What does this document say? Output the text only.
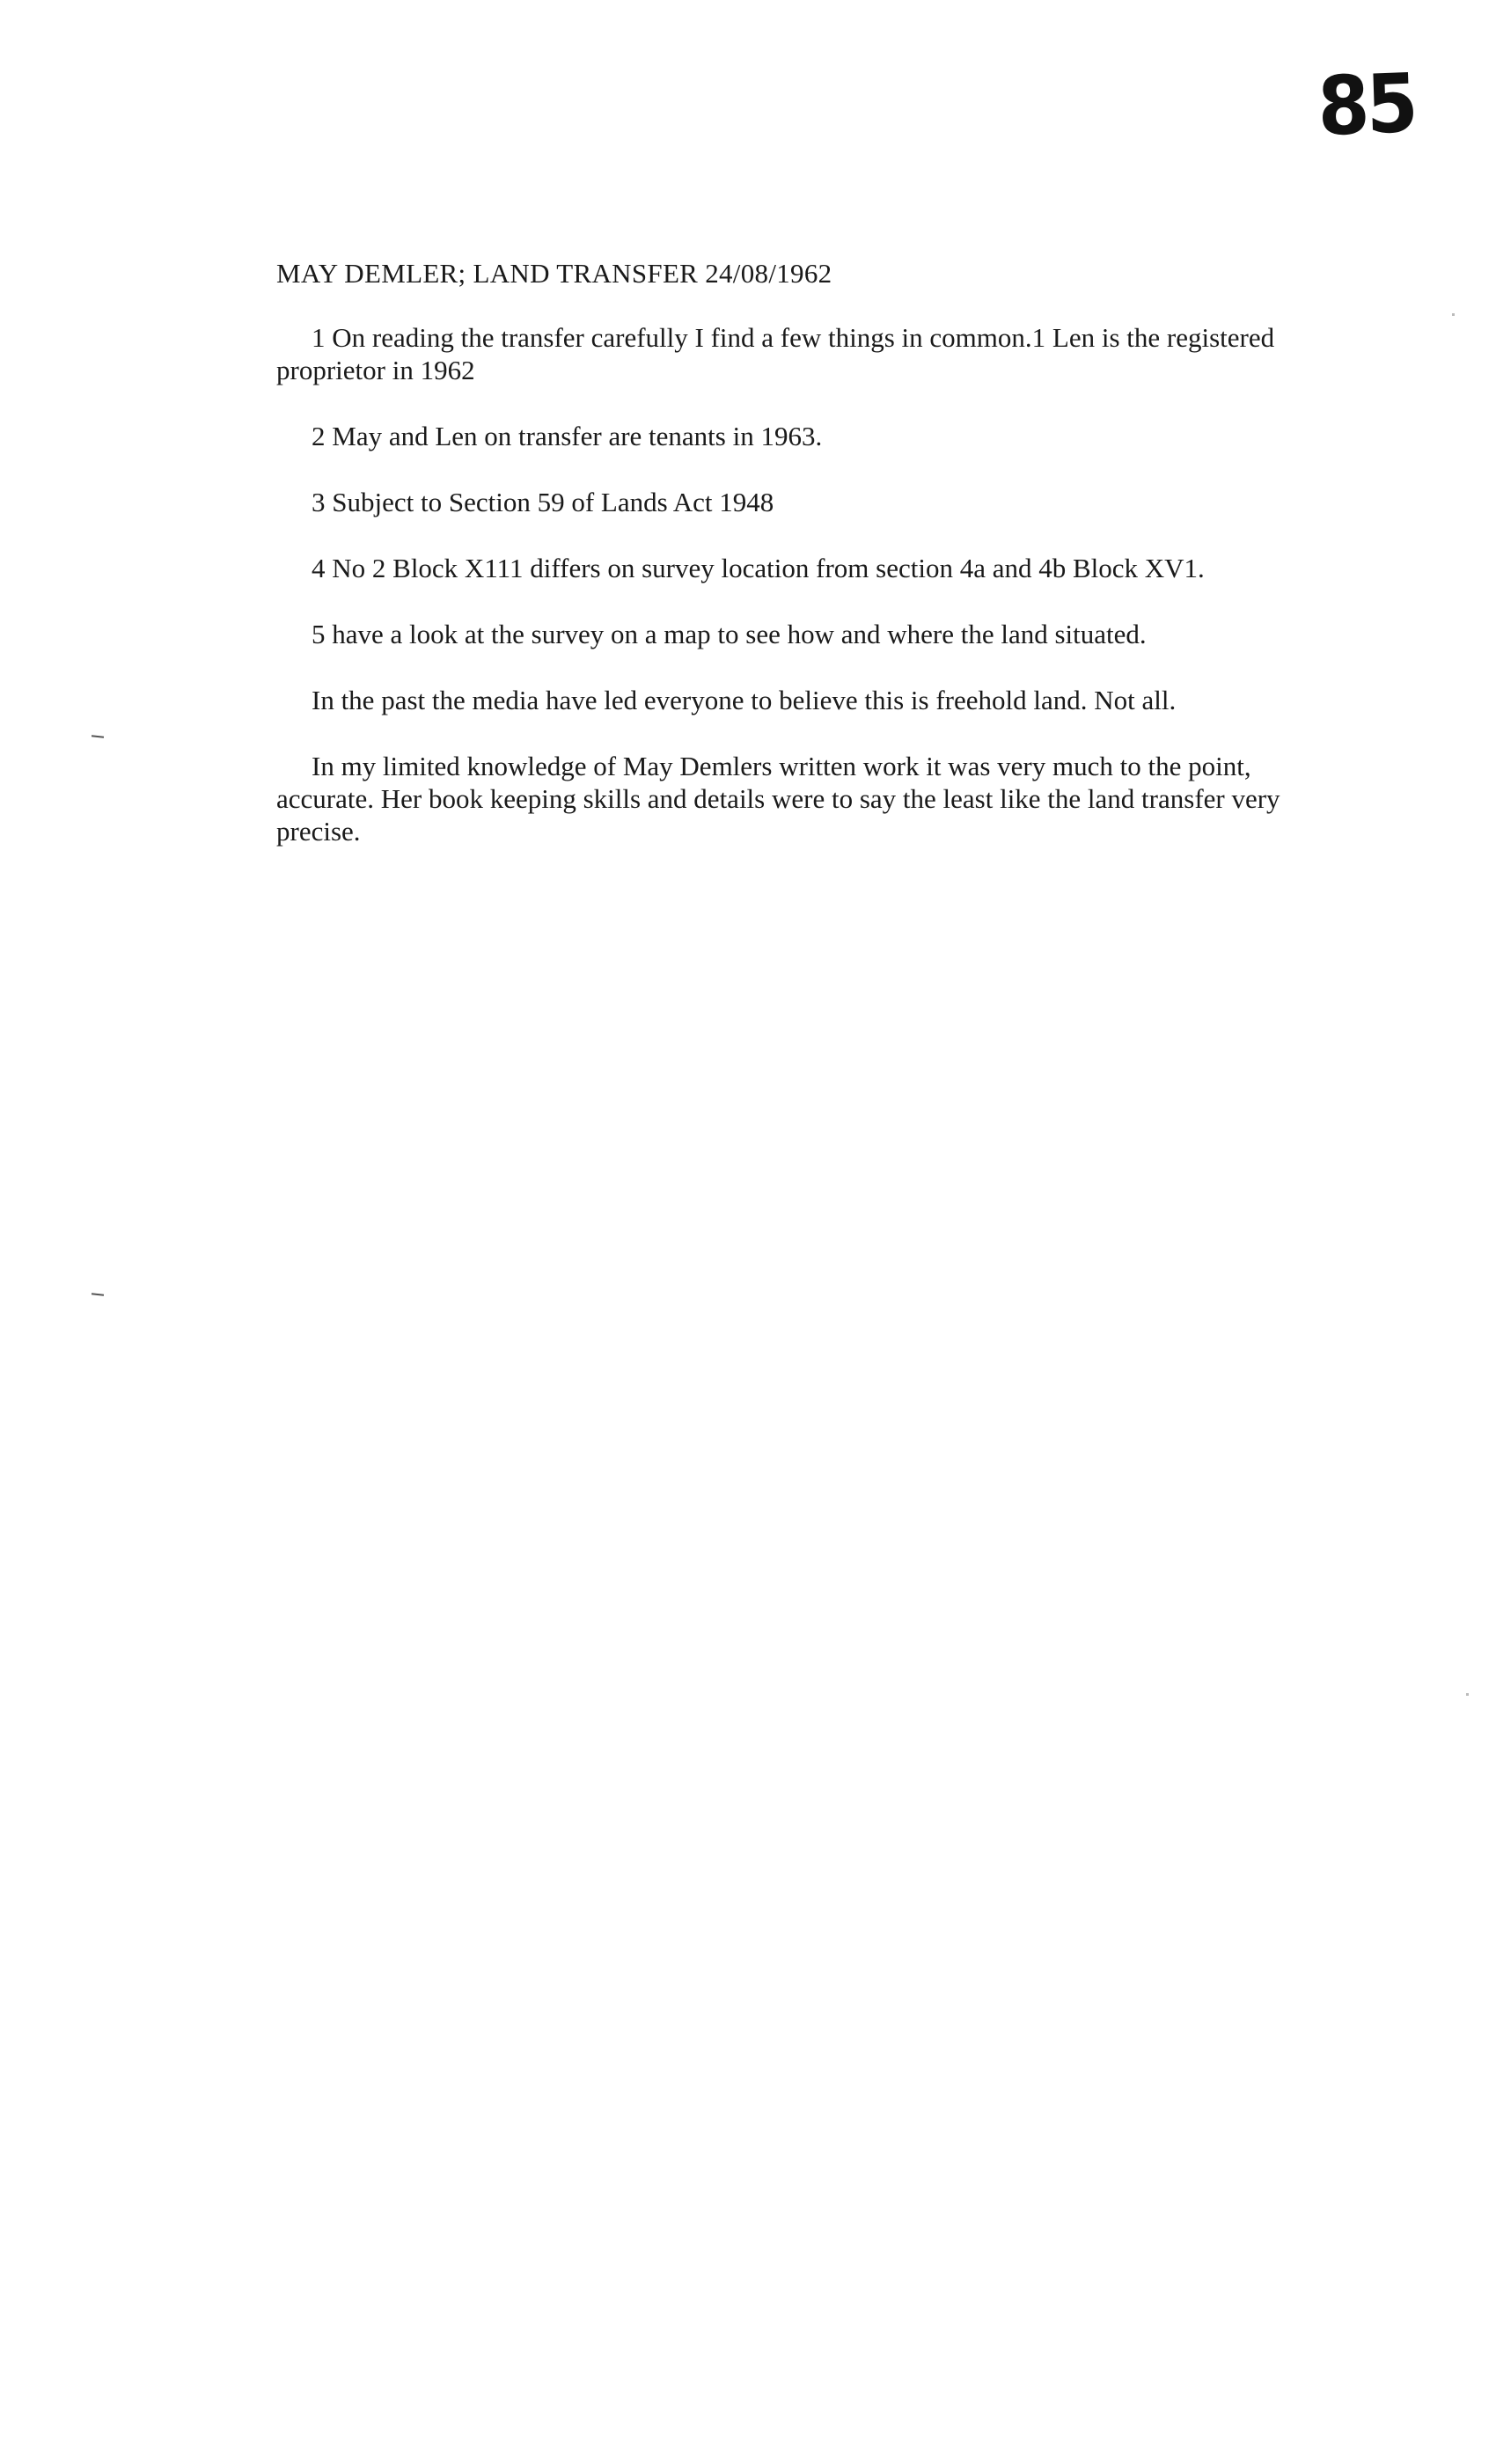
85
MAY DEMLER; LAND TRANSFER 24/08/1962
1 On reading the transfer carefully I find a few things in common.1 Len is the registered proprietor in 1962
2 May and Len on transfer are tenants in 1963.
3 Subject to Section 59 of Lands Act 1948
4 No 2 Block X111 differs on survey location from section 4a and 4b Block XV1.
5 have a look at the survey on a map to see how and where the land situated.
In the past the media have led everyone to believe this is freehold land. Not all.
In my limited knowledge of May Demlers written work it was very much to the point, accurate. Her book keeping skills and details were to say the least like the land transfer very precise.
